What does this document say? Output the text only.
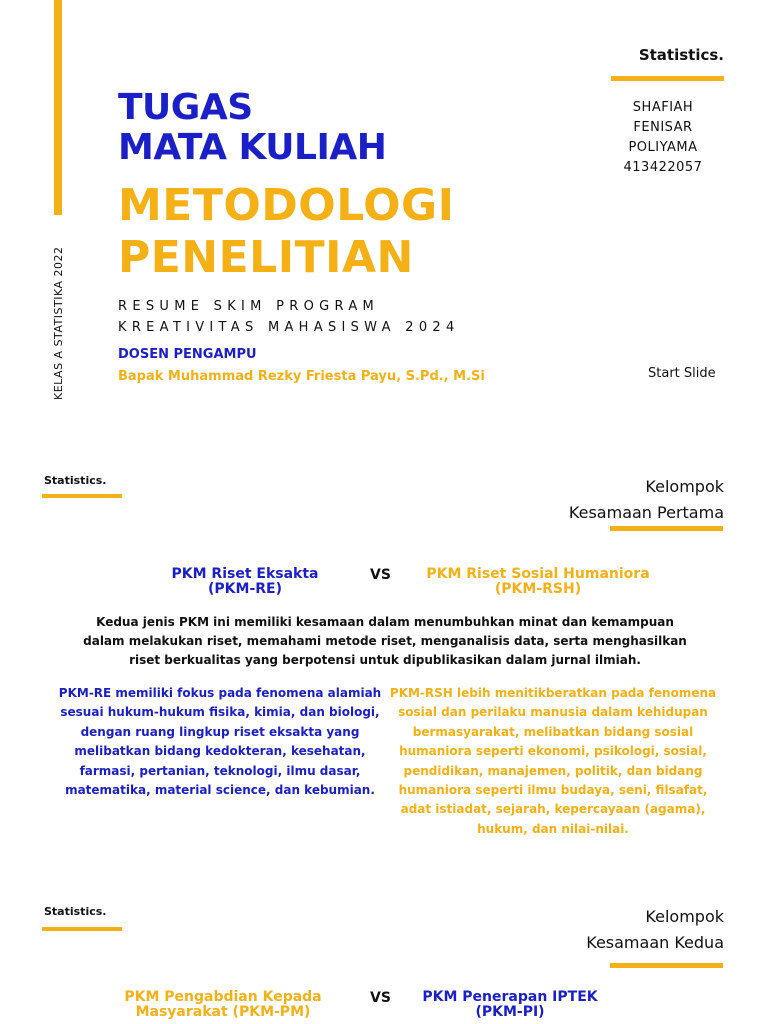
KELAS A STATISTIKA 2022
Statistics.
SHAFIAH
FENISAR
POLIYAMA
413422057
TUGAS
MATA KULIAH
METODOLOGI
PENELITIAN
RESUME SKIM PROGRAM
KREATIVITAS MAHASISWA 2024
DOSEN PENGAMPU
Bapak Muhammad Rezky Friesta Payu, S.Pd., M.Si	Start Slide
Statistics.	Kelompok
Kesamaan Pertama
PKM Riset Eksakta
(PKM-RE)
VS	PKM Riset Sosial Humaniora
(PKM-RSH)
Kedua jenis PKM ini memiliki kesamaan dalam menumbuhkan minat dan kemampuan dalam melakukan riset, memahami metode riset, menganalisis data, serta menghasilkan riset berkualitas yang berpotensi untuk dipublikasikan dalam jurnal ilmiah.
PKM-RE memiliki fokus pada fenomena alamiah sesuai hukum-hukum fisika, kimia, dan biologi, dengan ruang lingkup riset eksakta yang melibatkan bidang kedokteran, kesehatan, farmasi, pertanian, teknologi, ilmu dasar, matematika, material science, dan kebumian.
PKM-RSH lebih menitikberatkan pada fenomena sosial dan perilaku manusia dalam kehidupan bermasyarakat, melibatkan bidang sosial humaniora seperti ekonomi, psikologi, sosial, pendidikan, manajemen, politik, dan bidang humaniora seperti ilmu budaya, seni, filsafat, adat istiadat, sejarah, kepercayaan (agama), hukum, dan nilai-nilai.
Statistics.	Kelompok
Kesamaan Kedua
PKM Pengabdian Kepada
Masyarakat (PKM-PM)
VS	PKM Penerapan IPTEK
(PKM-PI)
